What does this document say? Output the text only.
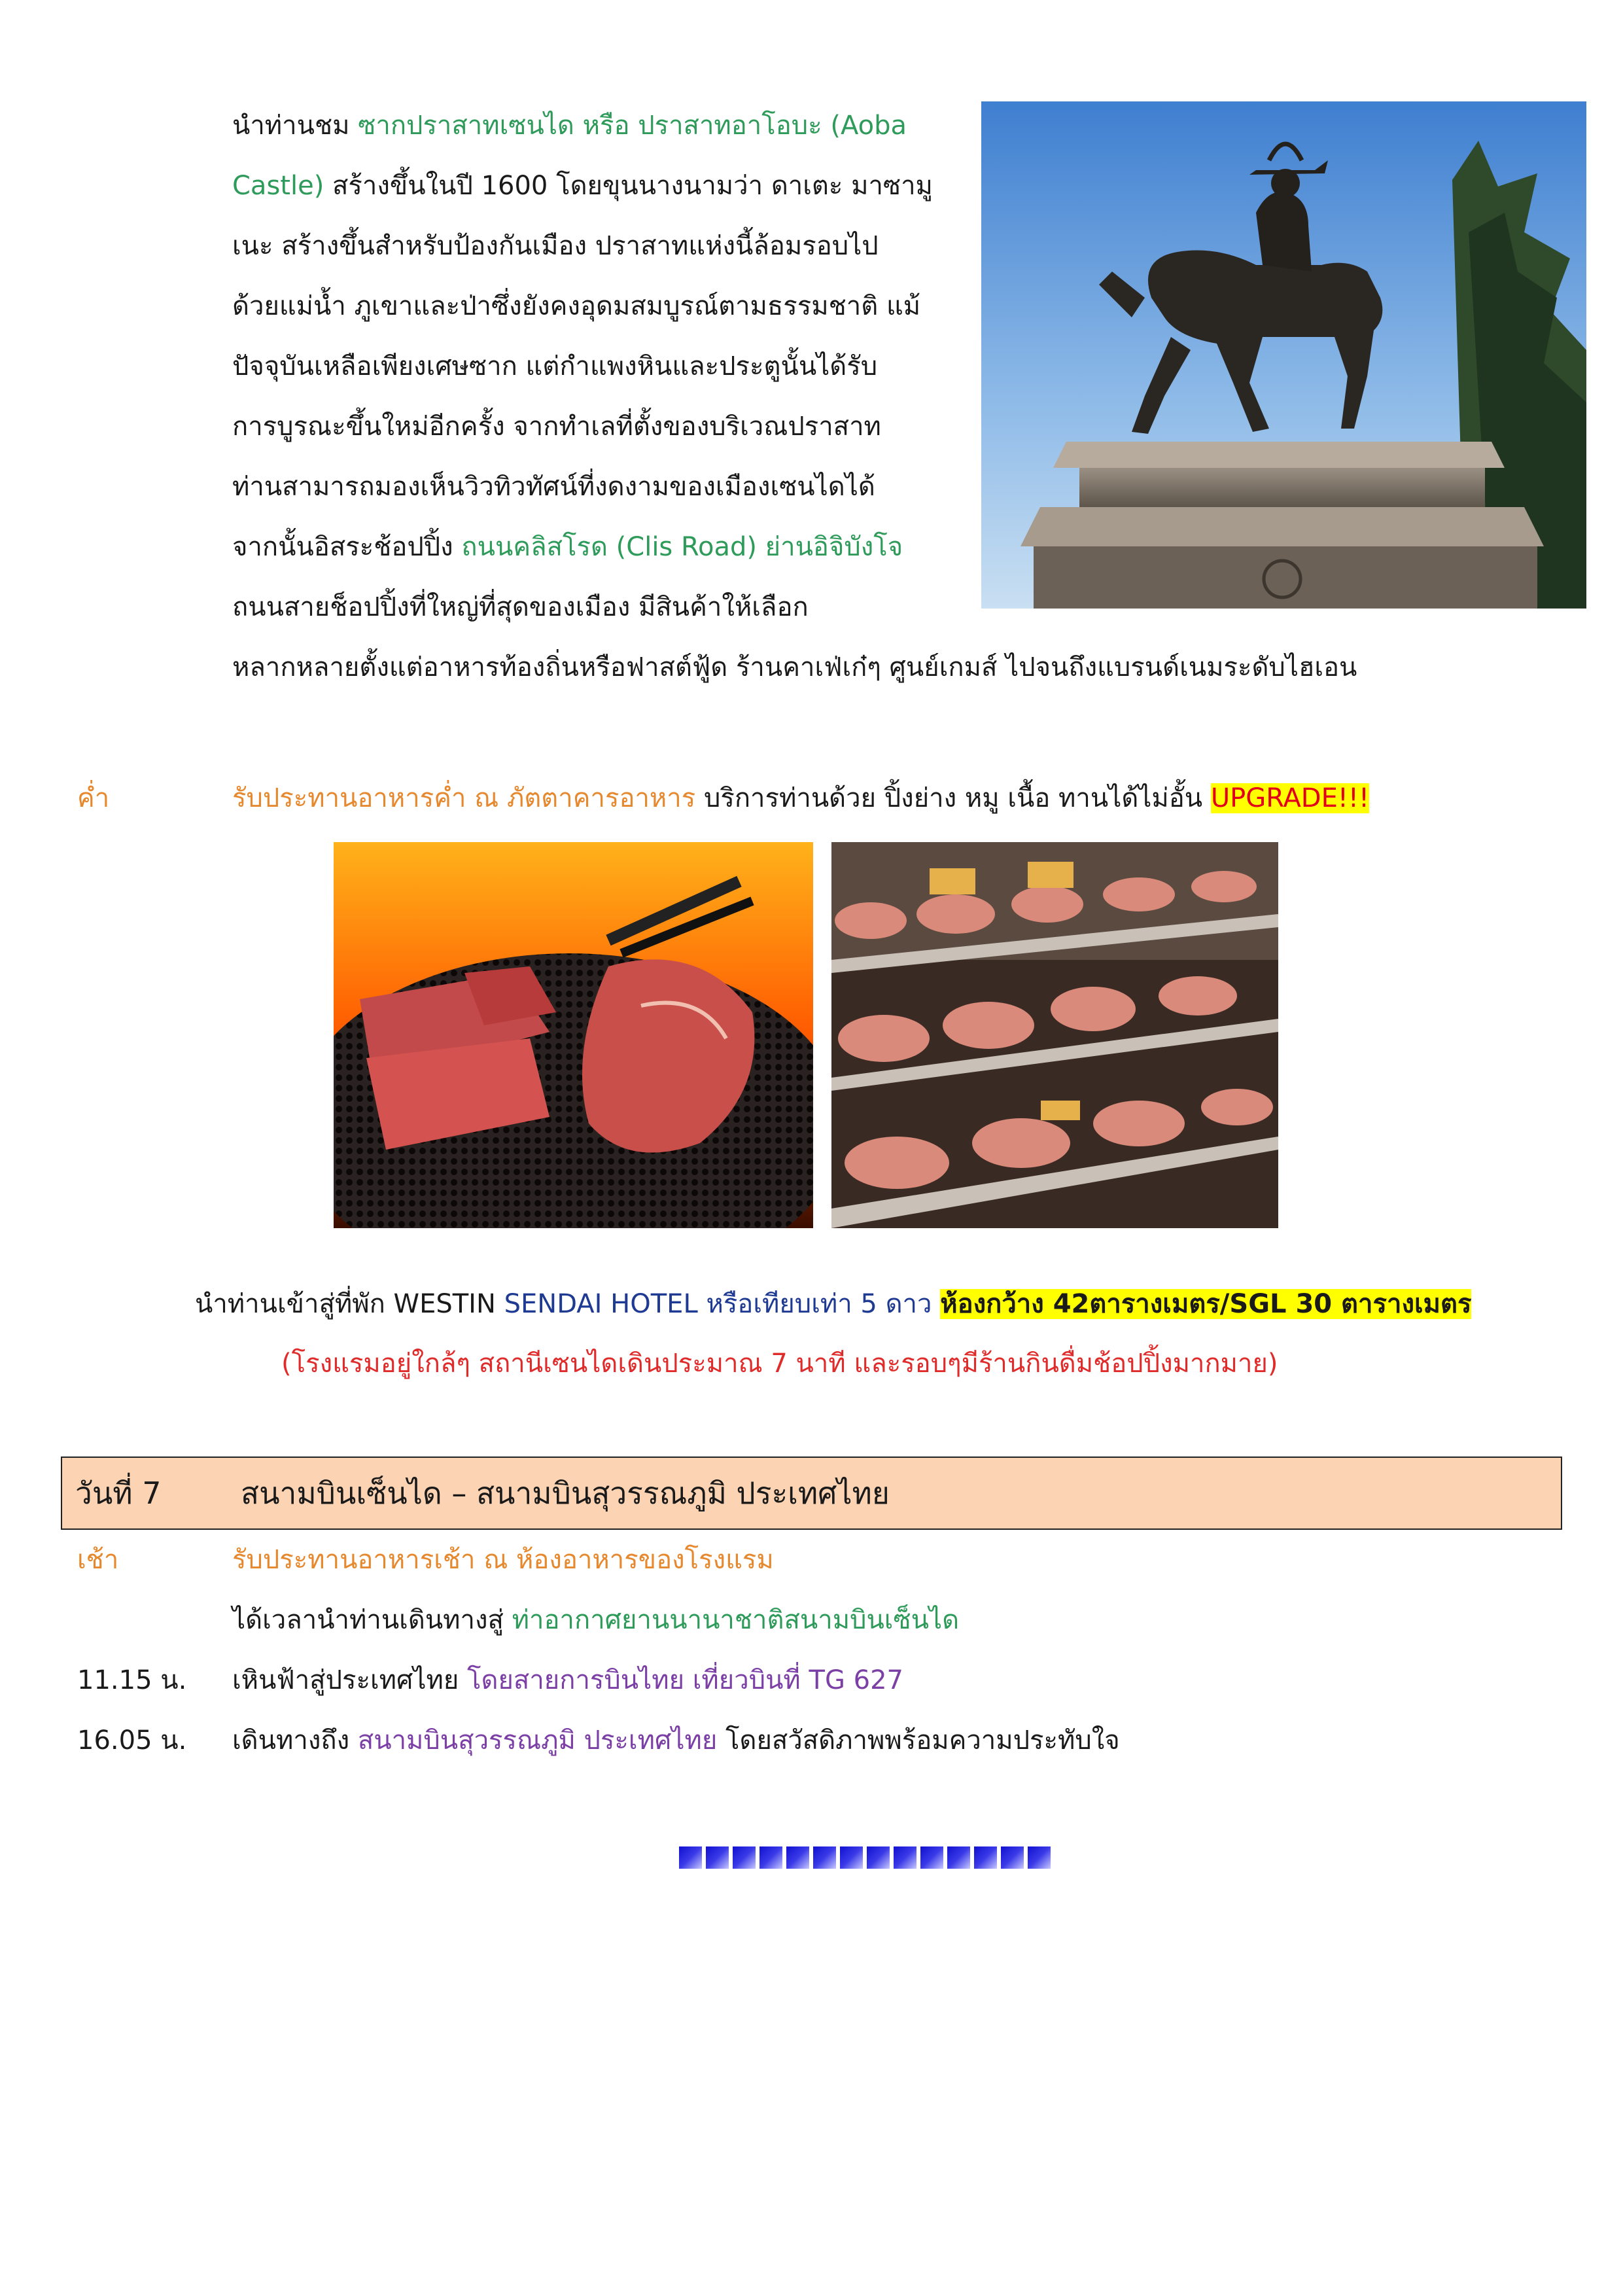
นำท่านชม ซากปราสาทเซนได หรือ ปราสาทอาโอบะ (Aoba
Castle) สร้างขึ้นในปี 1600 โดยขุนนางนามว่า ดาเตะ มาซามู
เนะ สร้างขึ้นสำหรับป้องกันเมือง ปราสาทแห่งนี้ล้อมรอบไป
ด้วยแม่น้ำ ภูเขาและป่าซึ่งยังคงอุดมสมบูรณ์ตามธรรมชาติ แม้
ปัจจุบันเหลือเพียงเศษซาก แต่กำแพงหินและประตูนั้นได้รับ
การบูรณะขึ้นใหม่อีกครั้ง จากทำเลที่ตั้งของบริเวณปราสาท
ท่านสามารถมองเห็นวิวทิวทัศน์ที่งดงามของเมืองเซนไดได้
จากนั้นอิสระช้อปปิ้ง ถนนคลิสโรด (Clis Road) ย่านอิจิบังโจ
ถนนสายช็อปปิ้งที่ใหญ่ที่สุดของเมือง มีสินค้าให้เลือก
หลากหลายตั้งแต่อาหารท้องถิ่นหรือฟาสต์ฟู้ด ร้านคาเฟ่เก๋ๆ ศูนย์เกมส์ ไปจนถึงแบรนด์เนมระดับไฮเอน
ค่ำ	รับประทานอาหารค่ำ ณ ภัตตาคารอาหาร บริการท่านด้วย ปิ้งย่าง หมู เนื้อ ทานได้ไม่อั้น UPGRADE!!!
นำท่านเข้าสู่ที่พัก WESTIN SENDAI HOTEL หรือเทียบเท่า 5 ดาว ห้องกว้าง 42ตารางเมตร/SGL 30 ตารางเมตร
(โรงแรมอยู่ใกล้ๆ สถานีเซนไดเดินประมาณ 7 นาที และรอบๆมีร้านกินดื่มช้อปปิ้งมากมาย)
วันที่ 7	สนามบินเซ็นได – สนามบินสุวรรณภูมิ ประเทศไทย
เช้า	รับประทานอาหารเช้า ณ ห้องอาหารของโรงแรม
ได้เวลานำท่านเดินทางสู่ ท่าอากาศยานนานาชาติสนามบินเซ็นได
11.15 น. เหินฟ้าสู่ประเทศไทย โดยสายการบินไทย เที่ยวบินที่ TG 627
16.05 น. เดินทางถึง สนามบินสุวรรณภูมิ ประเทศไทย โดยสวัสดิภาพพร้อมความประทับใจ
